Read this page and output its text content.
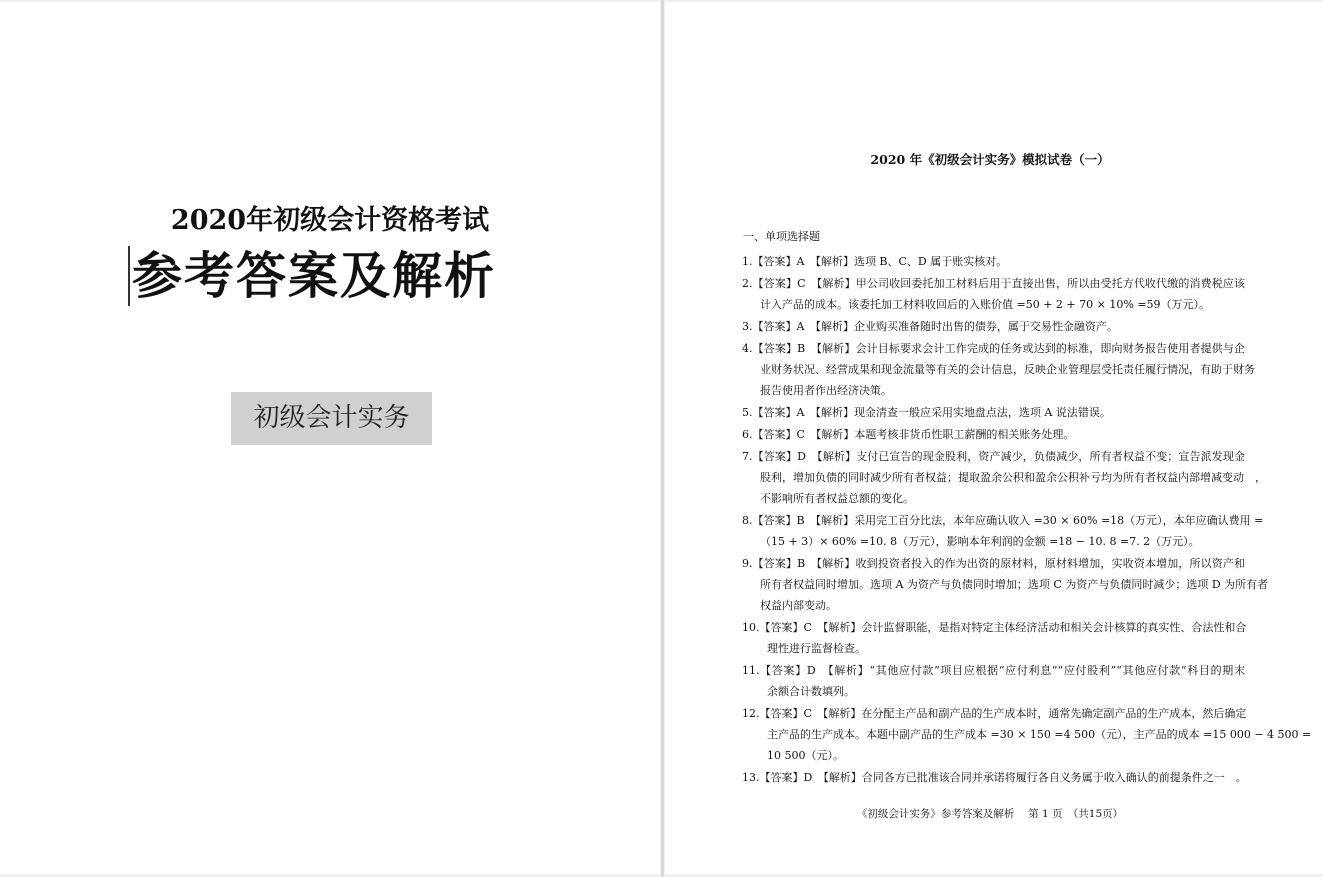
2020年初级会计资格考试
参考答案及解析
初级会计实务
2020 年《初级会计实务》模拟试卷（一）
一、单项选择题
1.【答案】A　【解析】选项 B、C、D 属于账实核对。
2.【答案】C　【解析】甲公司收回委托加工材料后用于直接出售，所以由受托方代收代缴的消费税应该
计入产品的成本。该委托加工材料收回后的入账价值 =50 + 2 + 70 × 10% =59（万元）。
3.【答案】A　【解析】企业购买准备随时出售的债券，属于交易性金融资产。
4.【答案】B　【解析】会计目标要求会计工作完成的任务或达到的标准，即向财务报告使用者提供与企
业财务状况、经营成果和现金流量等有关的会计信息，反映企业管理层受托责任履行情况，有助于财务
报告使用者作出经济决策。
5.【答案】A　【解析】现金清查一般应采用实地盘点法，选项 A 说法错误。
6.【答案】C　【解析】本题考核非货币性职工薪酬的相关账务处理。
7.【答案】D　【解析】支付已宣告的现金股利，资产减少，负债减少，所有者权益不变；宣告派发现金
股利，增加负债的同时减少所有者权益；提取盈余公积和盈余公积补亏均为所有者权益内部增减变动　，
不影响所有者权益总额的变化。
8.【答案】B　【解析】采用完工百分比法，本年应确认收入 =30 × 60% =18（万元），本年应确认费用 =
（15 + 3）× 60% =10. 8（万元），影响本年利润的金额 =18 − 10. 8 =7. 2（万元）。
9.【答案】B　【解析】收到投资者投入的作为出资的原材料，原材料增加，实收资本增加，所以资产和
所有者权益同时增加。选项 A 为资产与负债同时增加；选项 C 为资产与负债同时减少；选项 D 为所有者
权益内部变动。
10.【答案】C　【解析】会计监督职能，是指对特定主体经济活动和相关会计核算的真实性、合法性和合
理性进行监督检查。
11.【答案】D　【解析】“其他应付款”项目应根据“应付利息”“应付股利”“其他应付款”科目的期末
余额合计数填列。
12.【答案】C　【解析】在分配主产品和副产品的生产成本时，通常先确定副产品的生产成本，然后确定
主产品的生产成本。本题中副产品的生产成本 =30 × 150 =4 500（元），主产品的成本 =15 000 − 4 500 =
10 500（元）。
13.【答案】D　【解析】合同各方已批准该合同并承诺将履行各自义务属于收入确认的前提条件之一　。
《初级会计实务》参考答案及解析　 第 1 页　（共15页）
